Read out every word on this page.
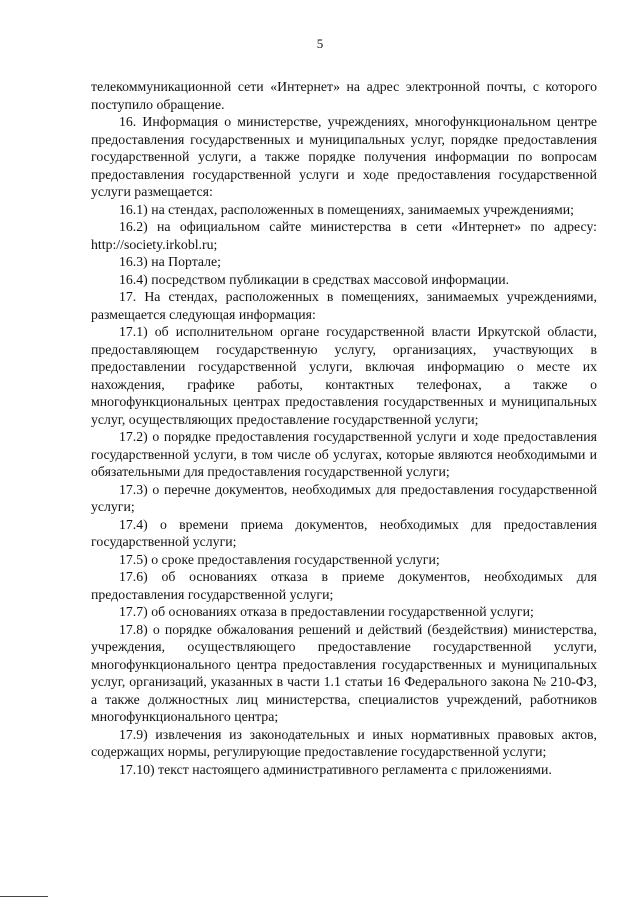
5

телекоммуникационной сети «Интернет» на адрес электронной почты, с которого поступило обращение.

16. Информация о министерстве, учреждениях, многофункциональном центре предоставления государственных и муниципальных услуг, порядке предоставления государственной услуги, а также порядке получения информации по вопросам предоставления государственной услуги и ходе предоставления государственной услуги размещается:

16.1) на стендах, расположенных в помещениях, занимаемых учреждениями;

16.2) на официальном сайте министерства в сети «Интернет» по адресу: http://society.irkobl.ru;

16.3) на Портале;

16.4) посредством публикации в средствах массовой информации.

17. На стендах, расположенных в помещениях, занимаемых учреждениями, размещается следующая информация:

17.1) об исполнительном органе государственной власти Иркутской области, предоставляющем государственную услугу, организациях, участвующих в предоставлении государственной услуги, включая информацию о месте их нахождения, графике работы, контактных телефонах, а также о многофункциональных центрах предоставления государственных и муниципальных услуг, осуществляющих предоставление государственной услуги;

17.2) о порядке предоставления государственной услуги и ходе предоставления государственной услуги, в том числе об услугах, которые являются необходимыми и обязательными для предоставления государственной услуги;

17.3) о перечне документов, необходимых для предоставления государственной услуги;

17.4) о времени приема документов, необходимых для предоставления государственной услуги;

17.5) о сроке предоставления государственной услуги;

17.6) об основаниях отказа в приеме документов, необходимых для предоставления государственной услуги;

17.7) об основаниях отказа в предоставлении государственной услуги;

17.8) о порядке обжалования решений и действий (бездействия) министерства, учреждения, осуществляющего предоставление государственной услуги, многофункционального центра предоставления государственных и муниципальных услуг, организаций, указанных в части 1.1 статьи 16 Федерального закона № 210-ФЗ, а также должностных лиц министерства, специалистов учреждений, работников многофункционального центра;

17.9) извлечения из законодательных и иных нормативных правовых актов, содержащих нормы, регулирующие предоставление государственной услуги;

17.10) текст настоящего административного регламента с приложениями.
